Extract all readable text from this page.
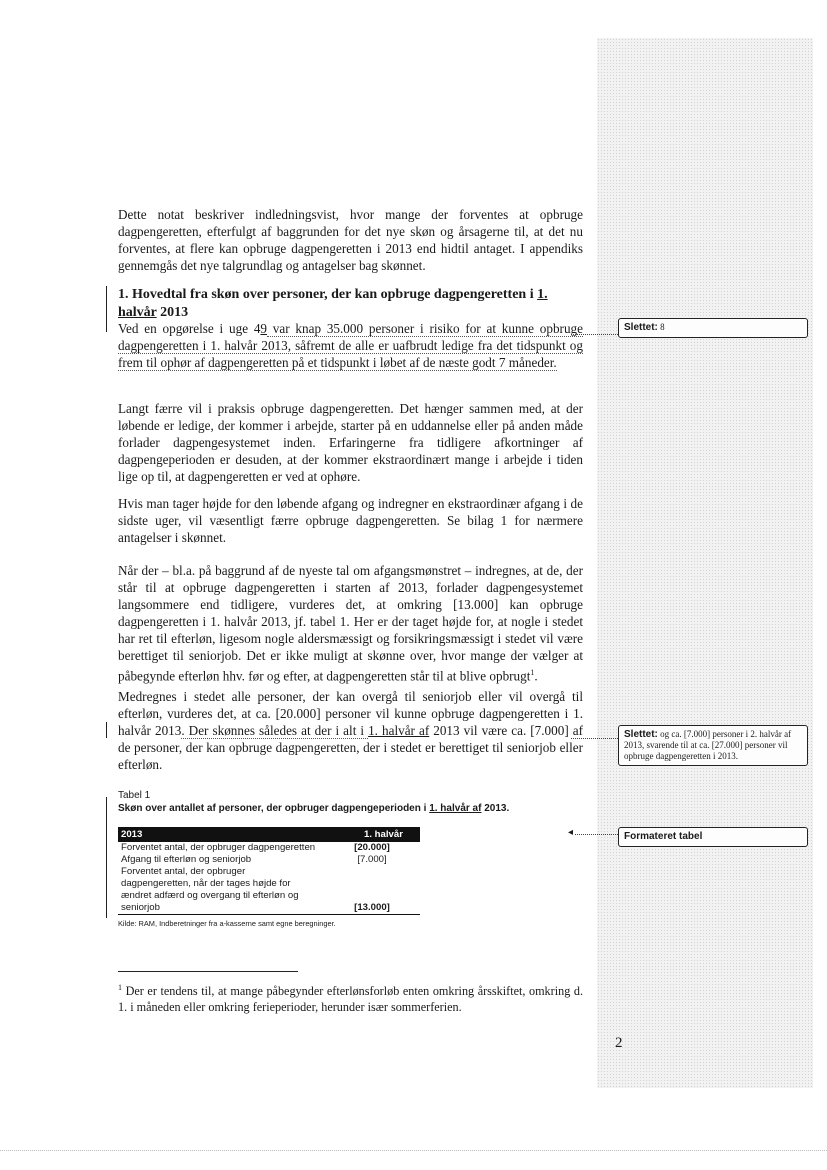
Dette notat beskriver indledningsvist, hvor mange der forventes at opbruge dagpengeretten, efterfulgt af baggrunden for det nye skøn og årsagerne til, at det nu forventes, at flere kan opbruge dagpengeretten i 2013 end hidtil antaget. I appendiks gennemgås det nye talgrundlag og antagelser bag skønnet.

1. Hovedtal fra skøn over personer, der kan opbruge dagpengeretten i 1. halvår 2013

Ved en opgørelse i uge 49 var knap 35.000 personer i risiko for at kunne opbruge dagpengeretten i 1. halvår 2013, såfremt de alle er uafbrudt ledige fra det tidspunkt og frem til ophør af dagpengeretten på et tidspunkt i løbet af de næste godt 7 måneder.

Langt færre vil i praksis opbruge dagpengeretten. Det hænger sammen med, at der løbende er ledige, der kommer i arbejde, starter på en uddannelse eller på anden måde forlader dagpengesystemet inden. Erfaringerne fra tidligere afkortninger af dagpengeperioden er desuden, at der kommer ekstraordinært mange i arbejde i tiden lige op til, at dagpengeretten er ved at ophøre.

Hvis man tager højde for den løbende afgang og indregner en ekstraordinær afgang i de sidste uger, vil væsentligt færre opbruge dagpengeretten. Se bilag 1 for nærmere antagelser i skønnet.

Når der – bl.a. på baggrund af de nyeste tal om afgangsmønstret – indregnes, at de, der står til at opbruge dagpengeretten i starten af 2013, forlader dagpengesystemet langsommere end tidligere, vurderes det, at omkring [13.000] kan opbruge dagpengeretten i 1. halvår 2013, jf. tabel 1. Her er der taget højde for, at nogle i stedet har ret til efterløn, ligesom nogle aldersmæssigt og forsikringsmæssigt i stedet vil være berettiget til seniorjob. Det er ikke muligt at skønne over, hvor mange der vælger at påbegynde efterløn hhv. før og efter, at dagpengeretten står til at blive opbrugt$^1$.

Medregnes i stedet alle personer, der kan overgå til seniorjob eller vil overgå til efterløn, vurderes det, at ca. [20.000] personer vil kunne opbruge dagpengeretten i 1. halvår 2013. Der skønnes således at der i alt i 1. halvår af 2013 vil være ca. [7.000] af de personer, der kan opbruge dagpengeretten, der i stedet er berettiget til seniorjob eller efterløn.

Tabel 1

Skøn over antallet af personer, der opbruger dagpengeperioden i 1. halvår af 2013.

2013	1. halvår
Forventet antal, der opbruger dagpengeretten	[20.000]
Afgang til efterløn og seniorjob	[7.000]
Forventet antal, der opbruger dagpengeretten, når der tages højde for ændret adfærd og overgang til efterløn og seniorjob	[13.000]

Kilde: RAM, Indberetninger fra a-kasserne samt egne beregninger.

$^1$ Der er tendens til, at mange påbegynder efterlønsforløb enten omkring årsskiftet, omkring d. 1. i måneden eller omkring ferieperioder, herunder især sommerferien.

2

Slettet: 8
Slettet: og ca. [7.000] personer i 2. halvår af 2013, svarende til at ca. [27.000] personer vil opbruge dagpengeretten i 2013.
◂	Formateret tabel
